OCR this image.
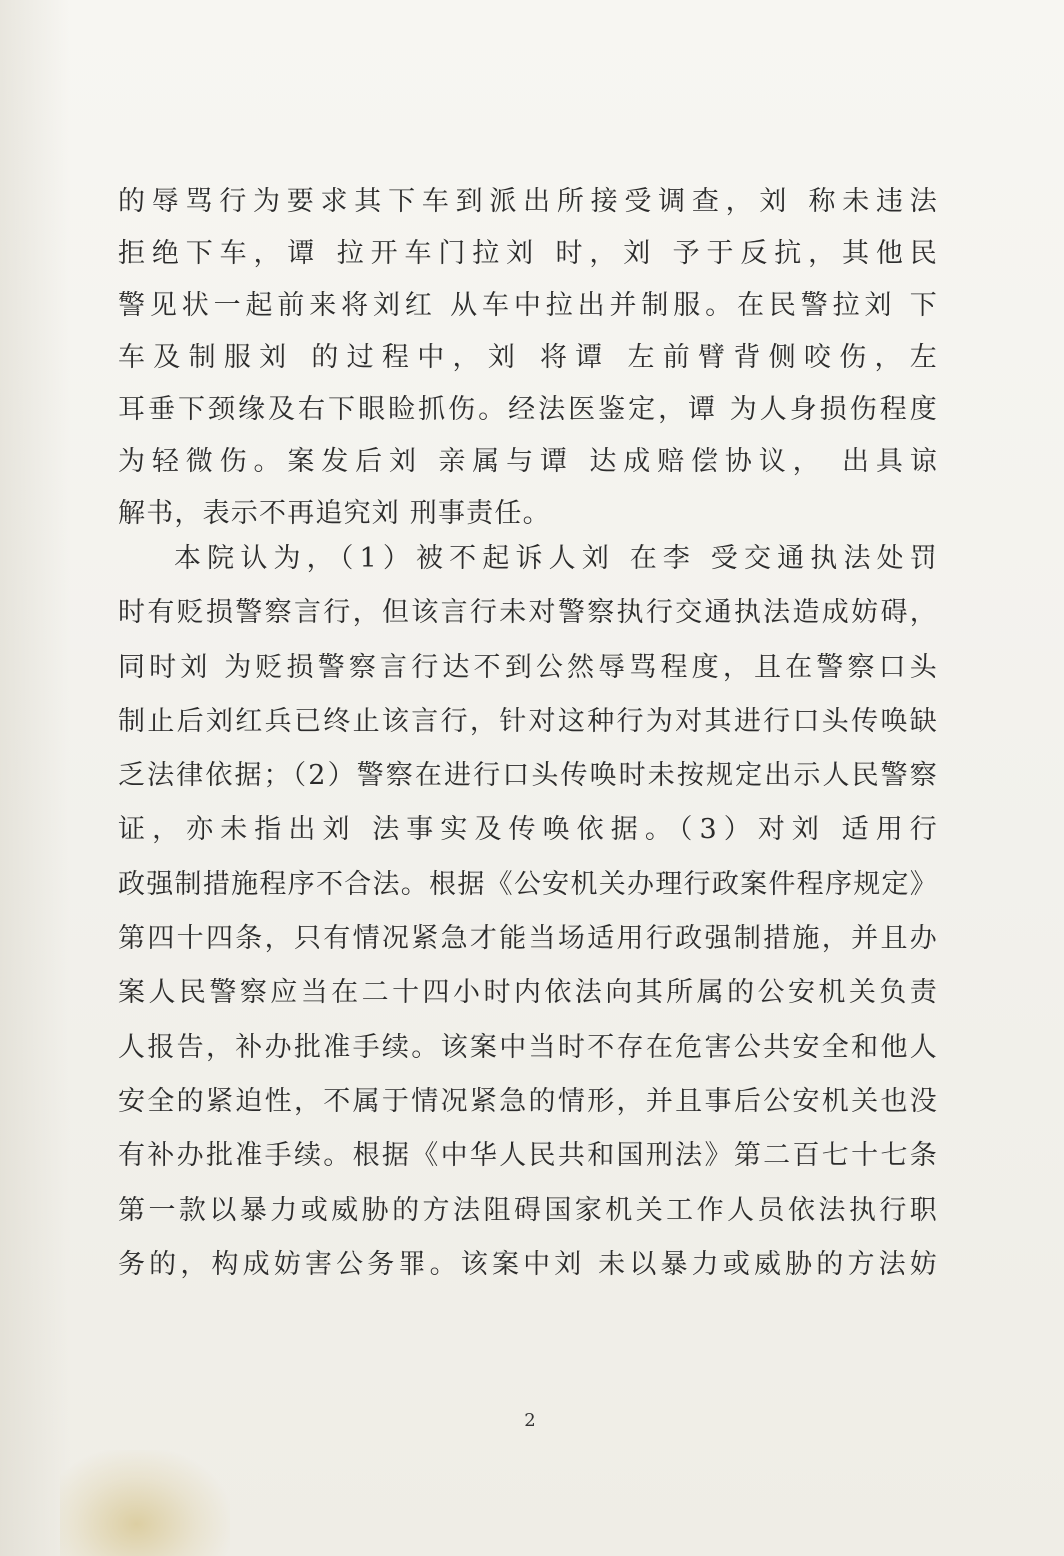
的辱骂行为要求其下车到派出所接受调查，刘 称未违法
拒绝下车，谭 拉开车门拉刘 时，刘 予于反抗，其他民
警见状一起前来将刘红 从车中拉出并制服。在民警拉刘 下
车及制服刘 的过程中，刘 将谭 左前臂背侧咬伤，左
耳垂下颈缘及右下眼睑抓伤。经法医鉴定，谭 为人身损伤程度
为轻微伤。案发后刘 亲属与谭 达成赔偿协议， 出具谅
解书，表示不再追究刘 刑事责任。
本院认为，（1）被不起诉人刘 在李 受交通执法处罚
时有贬损警察言行，但该言行未对警察执行交通执法造成妨碍，
同时刘 为贬损警察言行达不到公然辱骂程度，且在警察口头
制止后刘红兵已终止该言行，针对这种行为对其进行口头传唤缺
乏法律依据；（2）警察在进行口头传唤时未按规定出示人民警察
证，亦未指出刘 法事实及传唤依据。（3）对刘 适用行
政强制措施程序不合法。根据《公安机关办理行政案件程序规定》
第四十四条，只有情况紧急才能当场适用行政强制措施，并且办
案人民警察应当在二十四小时内依法向其所属的公安机关负责
人报告，补办批准手续。该案中当时不存在危害公共安全和他人
安全的紧迫性，不属于情况紧急的情形，并且事后公安机关也没
有补办批准手续。根据《中华人民共和国刑法》第二百七十七条
第一款以暴力或威胁的方法阻碍国家机关工作人员依法执行职
务的，构成妨害公务罪。该案中刘 未以暴力或威胁的方法妨
2
